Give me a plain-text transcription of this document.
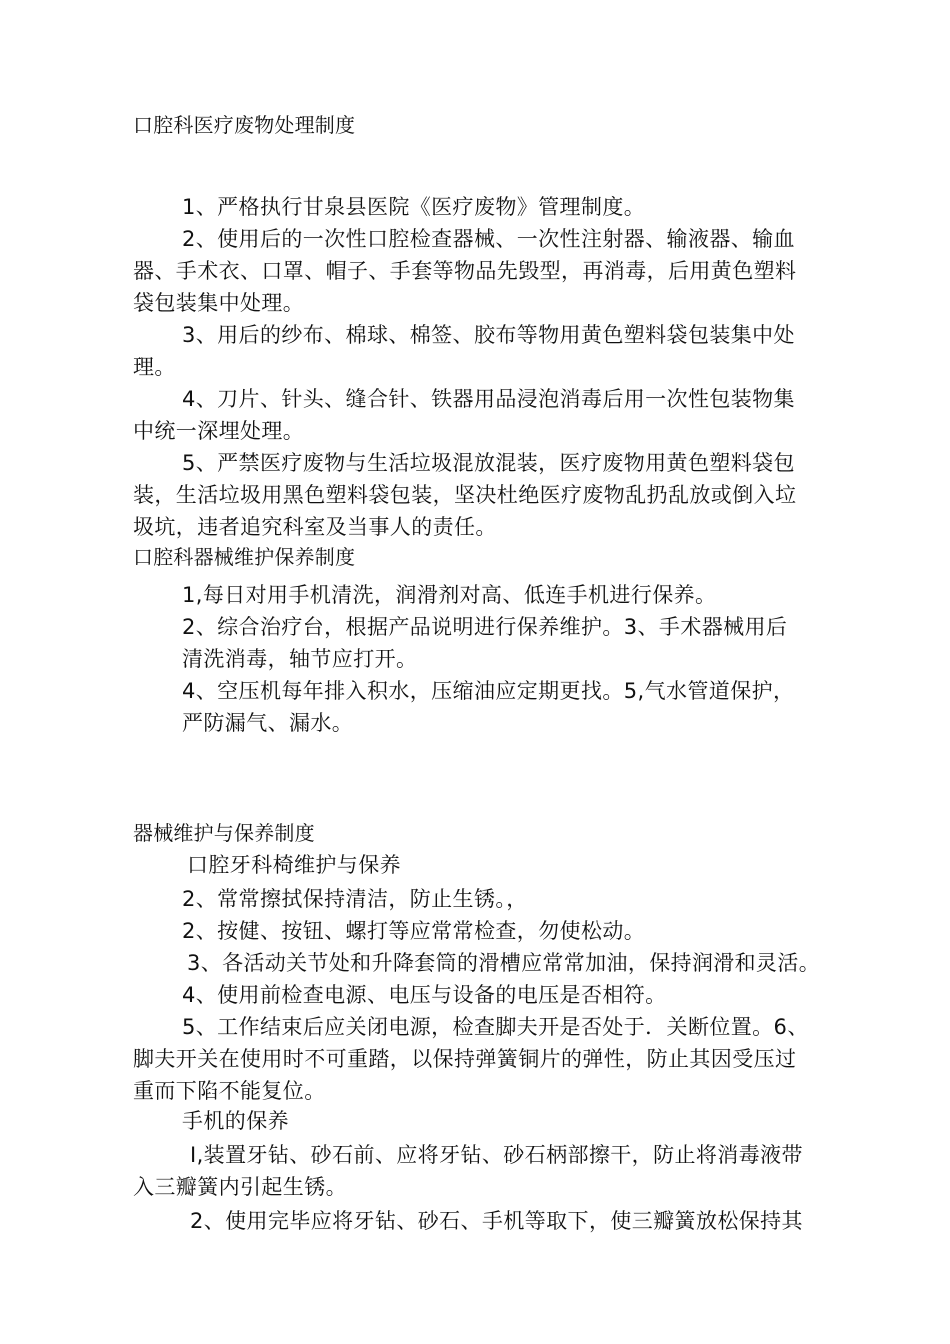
口腔科医疗废物处理制度
1、严格执行甘泉县医院《医疗废物》管理制度。
2、使用后的一次性口腔检查器械、一次性注射器、输液器、输血
器、手术衣、口罩、帽子、手套等物品先毁型，再消毒，后用黄色塑料
袋包装集中处理。
3、用后的纱布、棉球、棉签、胶布等物用黄色塑料袋包装集中处
理。
4、刀片、针头、缝合针、铁器用品浸泡消毒后用一次性包装物集
中统一深埋处理。
5、严禁医疗废物与生活垃圾混放混装，医疗废物用黄色塑料袋包
装，生活垃圾用黑色塑料袋包装，坚决杜绝医疗废物乱扔乱放或倒入垃
圾坑，违者追究科室及当事人的责任。
口腔科器械维护保养制度
1,每日对用手机清洗，润滑剂对高、低连手机进行保养。
2、综合治疗台，根据产品说明进行保养维护。3、手术器械用后
清洗消毒，轴节应打开。
4、空压机每年排入积水，压缩油应定期更找。5,气水管道保护，
严防漏气、漏水。
器械维护与保养制度
口腔牙科椅维护与保养
2、常常擦拭保持清洁，防止生锈。，
2、按健、按钮、螺打等应常常检查，勿使松动。
3、各活动关节处和升降套筒的滑槽应常常加油，保持润滑和灵活。
4、使用前检查电源、电压与设备的电压是否相符。
5、工作结束后应关闭电源，检查脚夫开是否处于．关断位置。6、
脚夫开关在使用时不可重踏，以保持弹簧铜片的弹性，防止其因受压过
重而下陷不能复位。
手机的保养
I,装置牙钻、砂石前、应将牙钻、砂石柄部擦干，防止将消毒液带
入三瓣簧内引起生锈。
2、使用完毕应将牙钻、砂石、手机等取下，使三瓣簧放松保持其
